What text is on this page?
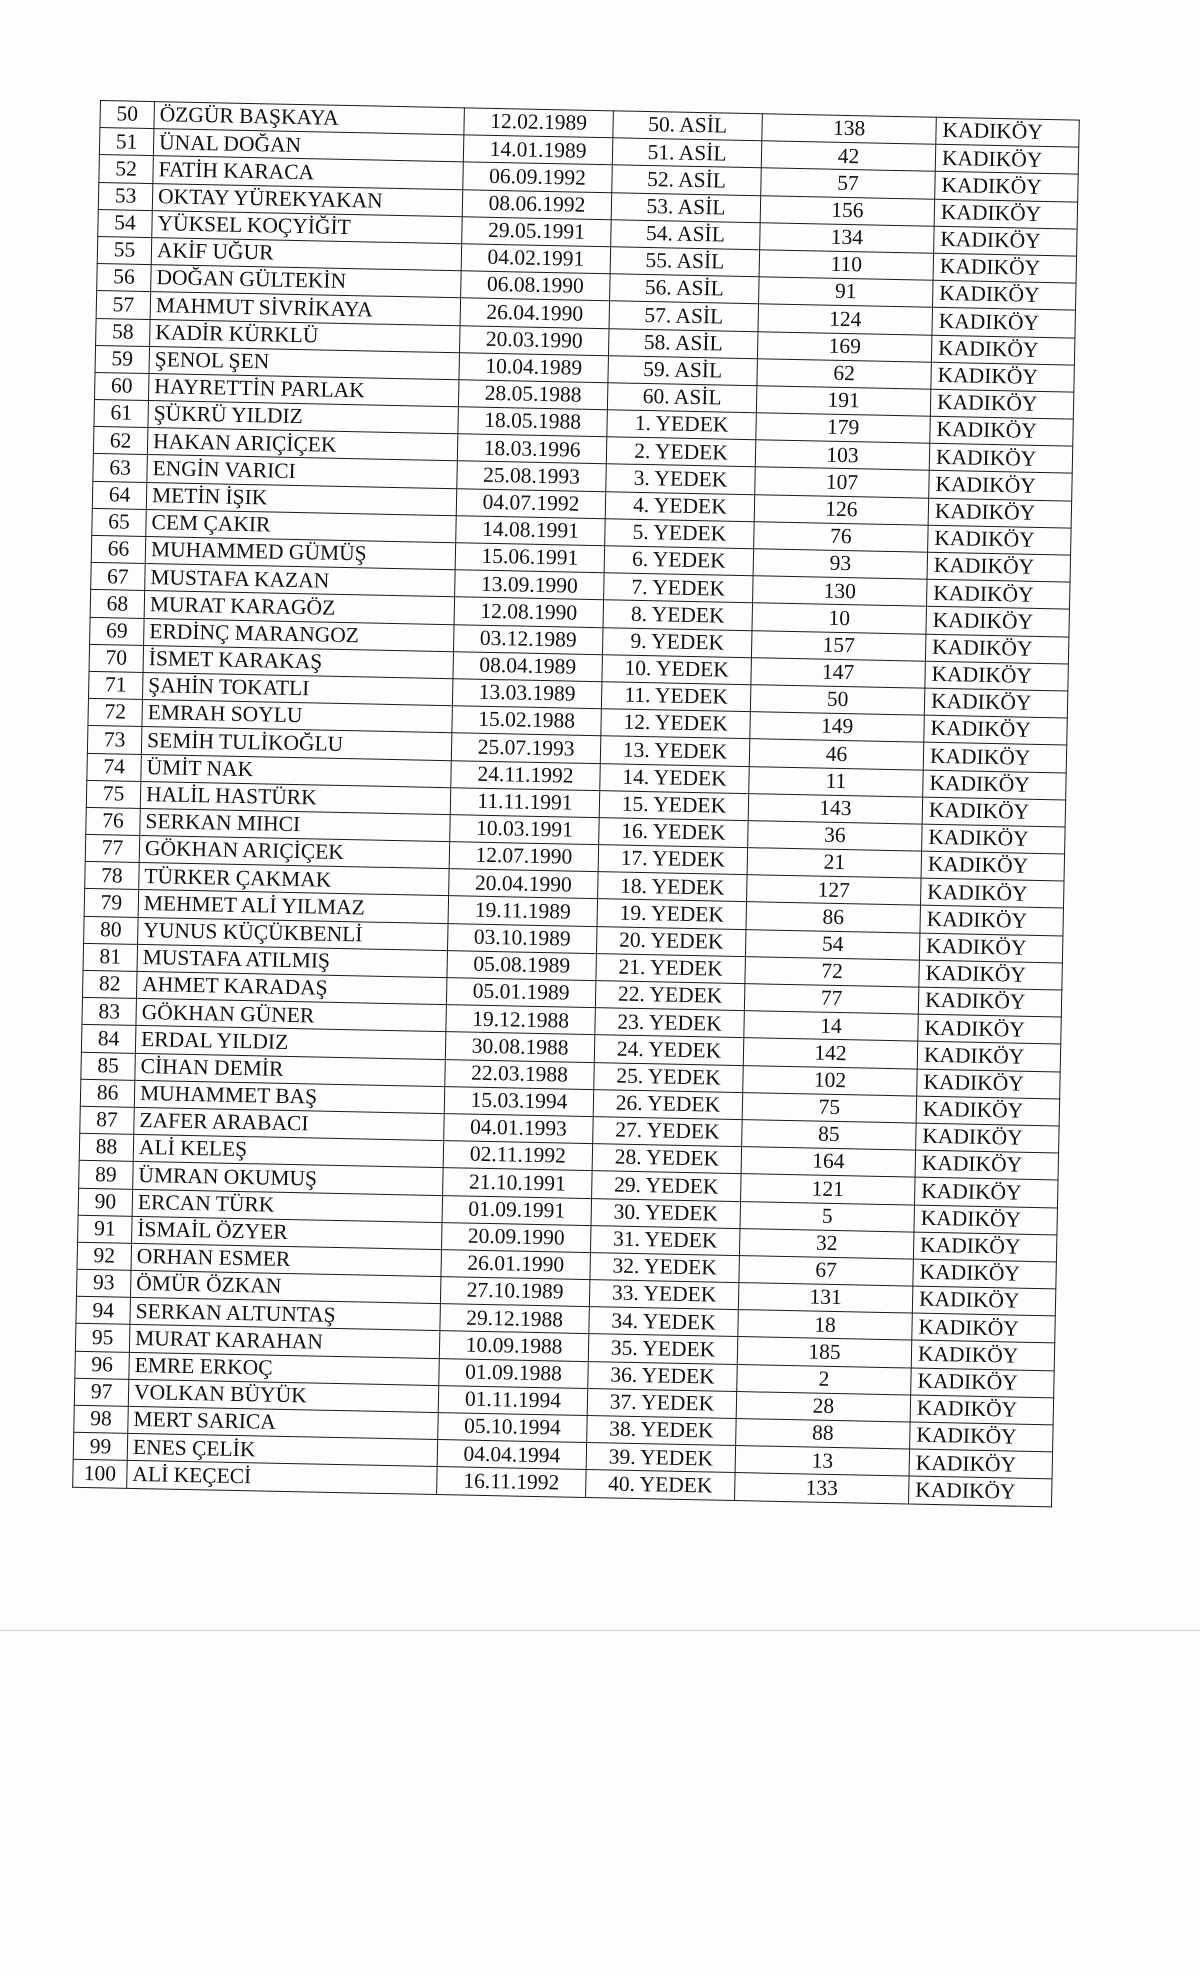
50	ÖZGÜR BAŞKAYA	12.02.1989	50. ASİL	138	KADIKÖY
51	ÜNAL DOĞAN	14.01.1989	51. ASİL	42	KADIKÖY
52	FATİH KARACA	06.09.1992	52. ASİL	57	KADIKÖY
53	OKTAY YÜREKYAKAN	08.06.1992	53. ASİL	156	KADIKÖY
54	YÜKSEL KOÇYİĞİT	29.05.1991	54. ASİL	134	KADIKÖY
55	AKİF UĞUR	04.02.1991	55. ASİL	110	KADIKÖY
56	DOĞAN GÜLTEKİN	06.08.1990	56. ASİL	91	KADIKÖY
57	MAHMUT SİVRİKAYA	26.04.1990	57. ASİL	124	KADIKÖY
58	KADİR KÜRKLÜ	20.03.1990	58. ASİL	169	KADIKÖY
59	ŞENOL ŞEN	10.04.1989	59. ASİL	62	KADIKÖY
60	HAYRETTİN PARLAK	28.05.1988	60. ASİL	191	KADIKÖY
61	ŞÜKRÜ YILDIZ	18.05.1988	1. YEDEK	179	KADIKÖY
62	HAKAN ARIÇİÇEK	18.03.1996	2. YEDEK	103	KADIKÖY
63	ENGİN VARICI	25.08.1993	3. YEDEK	107	KADIKÖY
64	METİN İŞIK	04.07.1992	4. YEDEK	126	KADIKÖY
65	CEM ÇAKIR	14.08.1991	5. YEDEK	76	KADIKÖY
66	MUHAMMED GÜMÜŞ	15.06.1991	6. YEDEK	93	KADIKÖY
67	MUSTAFA KAZAN	13.09.1990	7. YEDEK	130	KADIKÖY
68	MURAT KARAGÖZ	12.08.1990	8. YEDEK	10	KADIKÖY
69	ERDİNÇ MARANGOZ	03.12.1989	9. YEDEK	157	KADIKÖY
70	İSMET KARAKAŞ	08.04.1989	10. YEDEK	147	KADIKÖY
71	ŞAHİN TOKATLI	13.03.1989	11. YEDEK	50	KADIKÖY
72	EMRAH SOYLU	15.02.1988	12. YEDEK	149	KADIKÖY
73	SEMİH TULİKOĞLU	25.07.1993	13. YEDEK	46	KADIKÖY
74	ÜMİT NAK	24.11.1992	14. YEDEK	11	KADIKÖY
75	HALİL HASTÜRK	11.11.1991	15. YEDEK	143	KADIKÖY
76	SERKAN MIHCI	10.03.1991	16. YEDEK	36	KADIKÖY
77	GÖKHAN ARIÇİÇEK	12.07.1990	17. YEDEK	21	KADIKÖY
78	TÜRKER ÇAKMAK	20.04.1990	18. YEDEK	127	KADIKÖY
79	MEHMET ALİ YILMAZ	19.11.1989	19. YEDEK	86	KADIKÖY
80	YUNUS KÜÇÜKBENLİ	03.10.1989	20. YEDEK	54	KADIKÖY
81	MUSTAFA ATILMIŞ	05.08.1989	21. YEDEK	72	KADIKÖY
82	AHMET KARADAŞ	05.01.1989	22. YEDEK	77	KADIKÖY
83	GÖKHAN GÜNER	19.12.1988	23. YEDEK	14	KADIKÖY
84	ERDAL YILDIZ	30.08.1988	24. YEDEK	142	KADIKÖY
85	CİHAN DEMİR	22.03.1988	25. YEDEK	102	KADIKÖY
86	MUHAMMET BAŞ	15.03.1994	26. YEDEK	75	KADIKÖY
87	ZAFER ARABACI	04.01.1993	27. YEDEK	85	KADIKÖY
88	ALİ KELEŞ	02.11.1992	28. YEDEK	164	KADIKÖY
89	ÜMRAN OKUMUŞ	21.10.1991	29. YEDEK	121	KADIKÖY
90	ERCAN TÜRK	01.09.1991	30. YEDEK	5	KADIKÖY
91	İSMAİL ÖZYER	20.09.1990	31. YEDEK	32	KADIKÖY
92	ORHAN ESMER	26.01.1990	32. YEDEK	67	KADIKÖY
93	ÖMÜR ÖZKAN	27.10.1989	33. YEDEK	131	KADIKÖY
94	SERKAN ALTUNTAŞ	29.12.1988	34. YEDEK	18	KADIKÖY
95	MURAT KARAHAN	10.09.1988	35. YEDEK	185	KADIKÖY
96	EMRE ERKOÇ	01.09.1988	36. YEDEK	2	KADIKÖY
97	VOLKAN BÜYÜK	01.11.1994	37. YEDEK	28	KADIKÖY
98	MERT SARICA	05.10.1994	38. YEDEK	88	KADIKÖY
99	ENES ÇELİK	04.04.1994	39. YEDEK	13	KADIKÖY
100	ALİ KEÇECİ	16.11.1992	40. YEDEK	133	KADIKÖY
